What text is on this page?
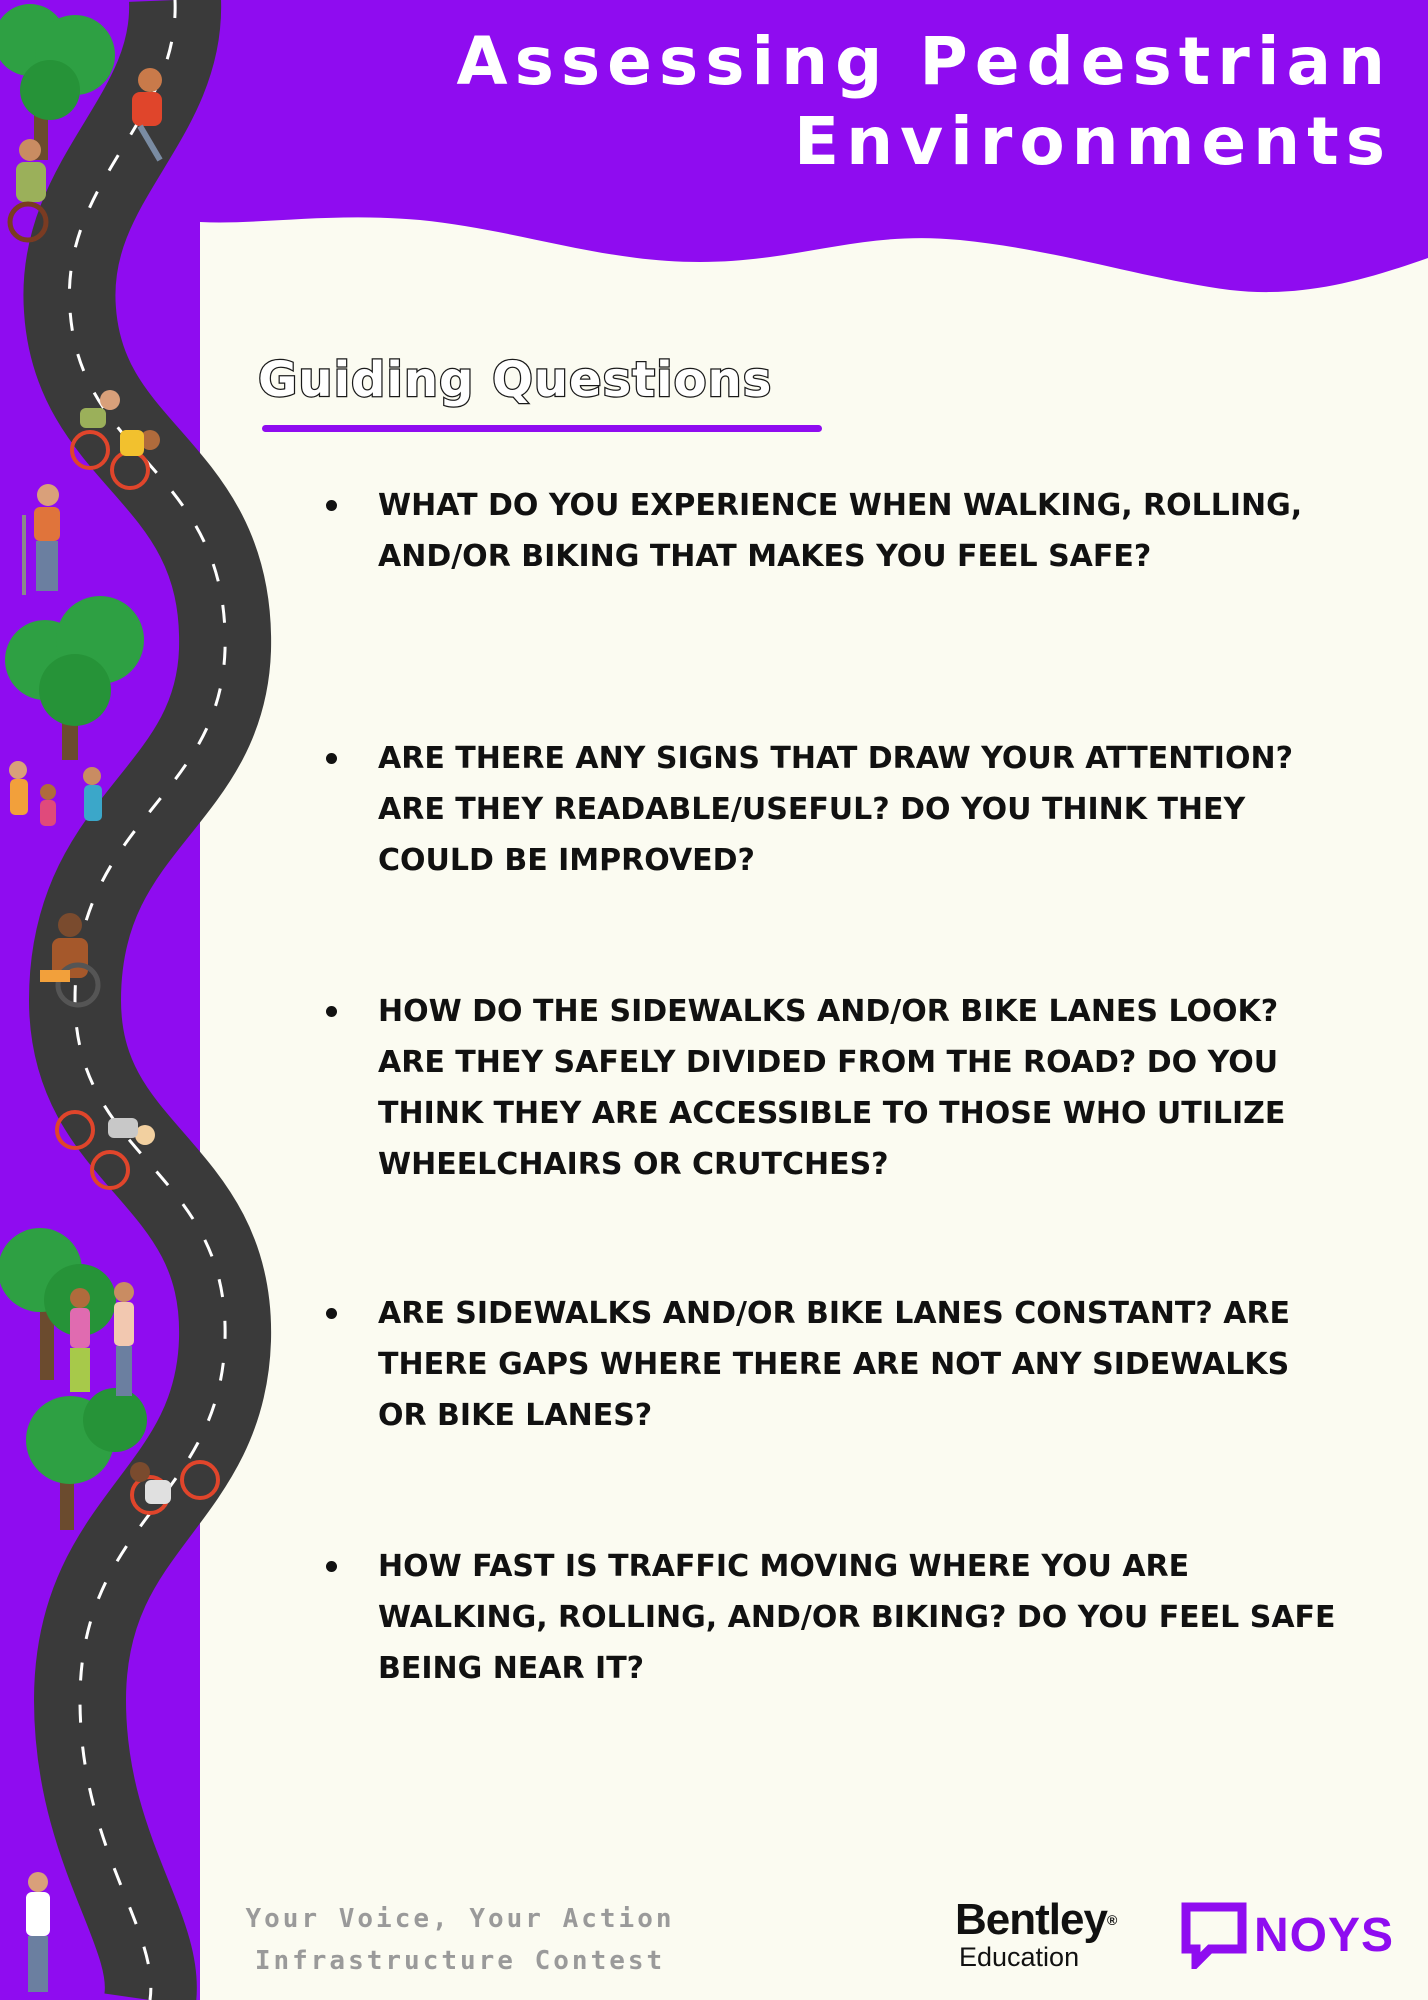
Assessing Pedestrian
Environments
Guiding Questions
WHAT DO YOU EXPERIENCE WHEN WALKING, ROLLING, AND/OR BIKING THAT MAKES YOU FEEL SAFE?
ARE THERE ANY SIGNS THAT DRAW YOUR ATTENTION? ARE THEY READABLE/USEFUL? DO YOU THINK THEY COULD BE IMPROVED?
HOW DO THE SIDEWALKS AND/OR BIKE LANES LOOK? ARE THEY SAFELY DIVIDED FROM THE ROAD? DO YOU THINK THEY ARE ACCESSIBLE TO THOSE WHO UTILIZE WHEELCHAIRS OR CRUTCHES?
ARE SIDEWALKS AND/OR BIKE LANES CONSTANT? ARE THERE GAPS WHERE THERE ARE NOT ANY SIDEWALKS OR BIKE LANES?
HOW FAST IS TRAFFIC MOVING WHERE YOU ARE WALKING, ROLLING, AND/OR BIKING? DO YOU FEEL SAFE BEING NEAR IT?
Your Voice, Your Action
Infrastructure Contest
Bentley®
Education	NOYS
